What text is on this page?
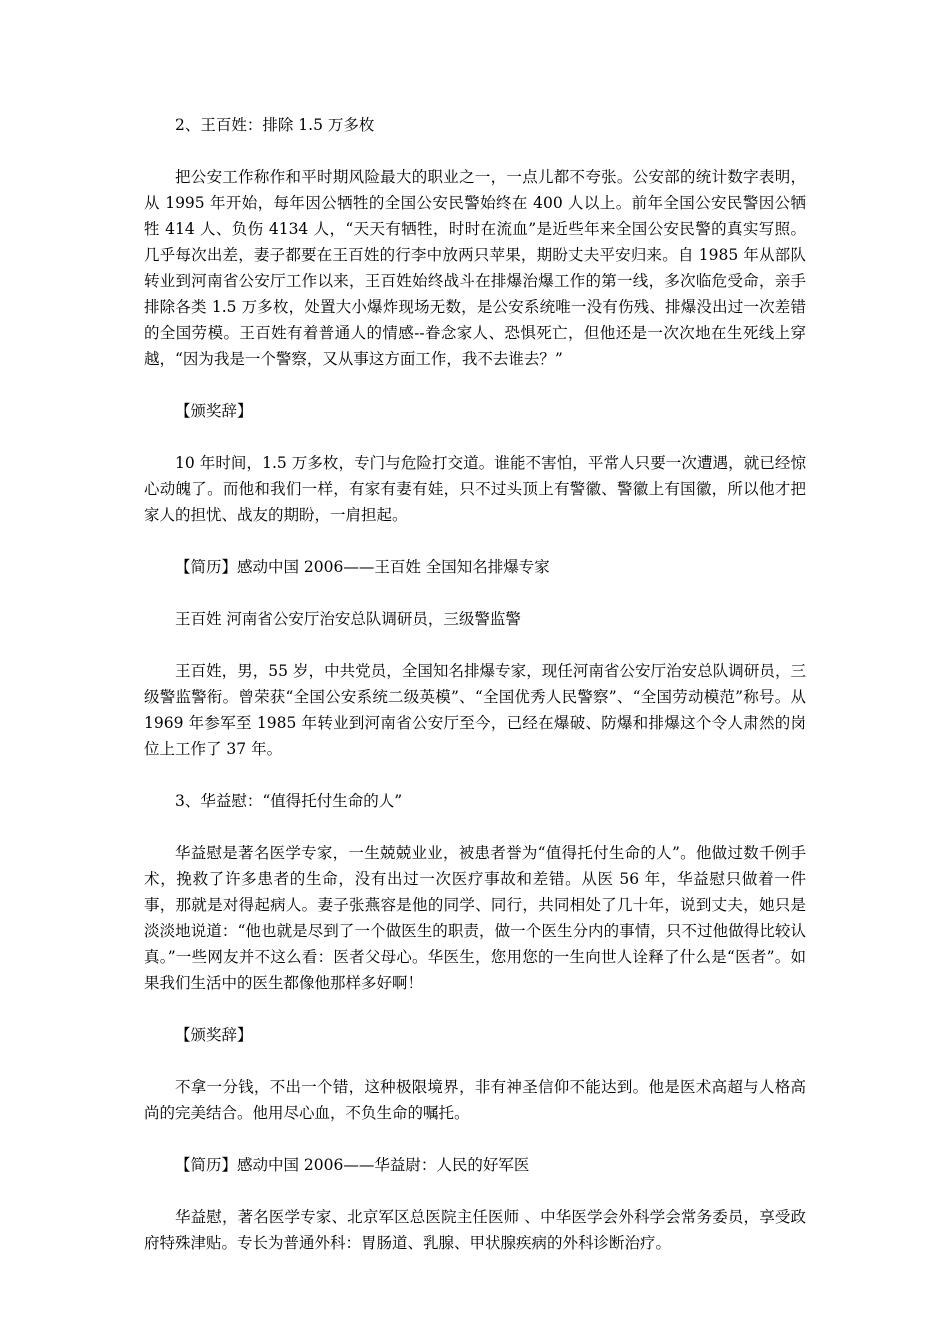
2、王百姓：排除 1.5 万多枚

把公安工作称作和平时期风险最大的职业之一，一点儿都不夸张。公安部的统计数字表明，从 1995 年开始，每年因公牺牲的全国公安民警始终在 400 人以上。前年全国公安民警因公牺牲 414 人、负伤 4134 人，“天天有牺牲，时时在流血”是近些年来全国公安民警的真实写照。几乎每次出差，妻子都要在王百姓的行李中放两只苹果，期盼丈夫平安归来。自 1985 年从部队转业到河南省公安厅工作以来，王百姓始终战斗在排爆治爆工作的第一线，多次临危受命，亲手排除各类 1.5 万多枚，处置大小爆炸现场无数，是公安系统唯一没有伤残、排爆没出过一次差错的全国劳模。王百姓有着普通人的情感--眷念家人、恐惧死亡，但他还是一次次地在生死线上穿越，“因为我是一个警察，又从事这方面工作，我不去谁去？”

【颁奖辞】

10 年时间，1.5 万多枚，专门与危险打交道。谁能不害怕，平常人只要一次遭遇，就已经惊心动魄了。而他和我们一样，有家有妻有娃，只不过头顶上有警徽、警徽上有国徽，所以他才把家人的担忧、战友的期盼，一肩担起。

【简历】感动中国 2006——王百姓 全国知名排爆专家

王百姓 河南省公安厅治安总队调研员，三级警监警

王百姓，男，55 岁，中共党员，全国知名排爆专家，现任河南省公安厅治安总队调研员，三级警监警衔。曾荣获“全国公安系统二级英模”、“全国优秀人民警察”、“全国劳动模范”称号。从 1969 年参军至 1985 年转业到河南省公安厅至今，已经在爆破、防爆和排爆这个令人肃然的岗位上工作了 37 年。

3、华益慰：“值得托付生命的人”

华益慰是著名医学专家，一生兢兢业业，被患者誉为“值得托付生命的人”。他做过数千例手术，挽救了许多患者的生命，没有出过一次医疗事故和差错。从医 56 年，华益慰只做着一件事，那就是对得起病人。妻子张燕容是他的同学、同行，共同相处了几十年，说到丈夫，她只是淡淡地说道：“他也就是尽到了一个做医生的职责，做一个医生分内的事情，只不过他做得比较认真。”一些网友并不这么看：医者父母心。华医生，您用您的一生向世人诠释了什么是“医者”。如果我们生活中的医生都像他那样多好啊！

【颁奖辞】

不拿一分钱，不出一个错，这种极限境界，非有神圣信仰不能达到。他是医术高超与人格高尚的完美结合。他用尽心血，不负生命的嘱托。

【简历】感动中国 2006——华益尉：人民的好军医

华益慰，著名医学专家、北京军区总医院主任医师 、中华医学会外科学会常务委员，享受政府特殊津贴。专长为普通外科：胃肠道、乳腺、甲状腺疾病的外科诊断治疗。
